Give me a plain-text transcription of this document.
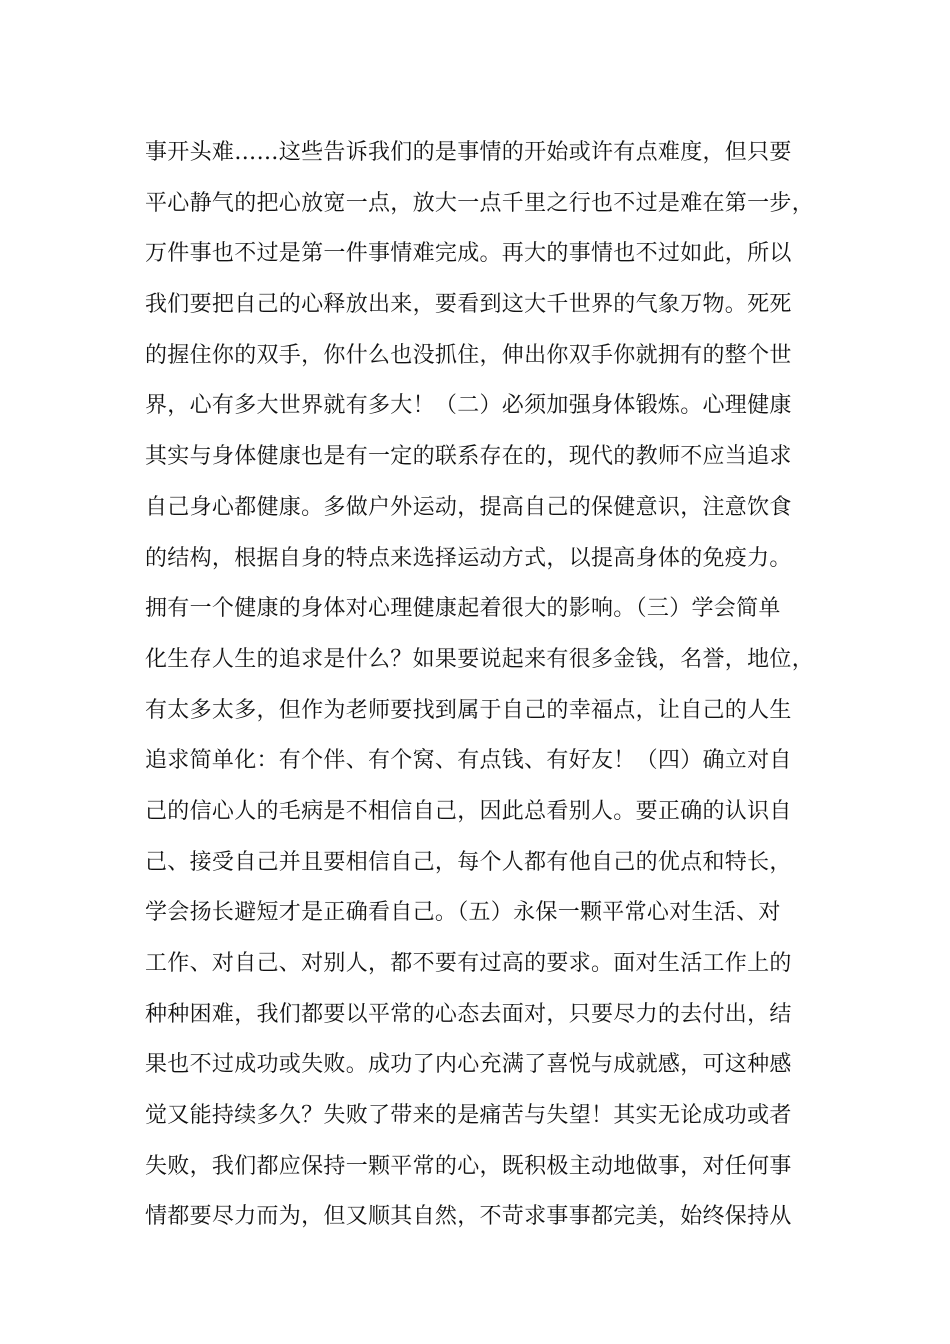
事开头难……这些告诉我们的是事情的开始或许有点难度，但只要
平心静气的把心放宽一点，放大一点千里之行也不过是难在第一步，
万件事也不过是第一件事情难完成。再大的事情也不过如此，所以
我们要把自己的心释放出来，要看到这大千世界的气象万物。死死
的握住你的双手，你什么也没抓住，伸出你双手你就拥有的整个世
界，心有多大世界就有多大！（二）必须加强身体锻炼。心理健康
其实与身体健康也是有一定的联系存在的，现代的教师不应当追求
自己身心都健康。多做户外运动，提高自己的保健意识，注意饮食
的结构，根据自身的特点来选择运动方式，以提高身体的免疫力。
拥有一个健康的身体对心理健康起着很大的影响。（三）学会简单
化生存人生的追求是什么？如果要说起来有很多金钱，名誉，地位，
有太多太多，但作为老师要找到属于自己的幸福点，让自己的人生
追求简单化：有个伴、有个窝、有点钱、有好友！（四）确立对自
己的信心人的毛病是不相信自己，因此总看别人。要正确的认识自
己、接受自己并且要相信自己，每个人都有他自己的优点和特长，
学会扬长避短才是正确看自己。（五）永保一颗平常心对生活、对
工作、对自己、对别人，都不要有过高的要求。面对生活工作上的
种种困难，我们都要以平常的心态去面对，只要尽力的去付出，结
果也不过成功或失败。成功了内心充满了喜悦与成就感，可这种感
觉又能持续多久？失败了带来的是痛苦与失望！其实无论成功或者
失败，我们都应保持一颗平常的心，既积极主动地做事，对任何事
情都要尽力而为，但又顺其自然，不苛求事事都完美，始终保持从
